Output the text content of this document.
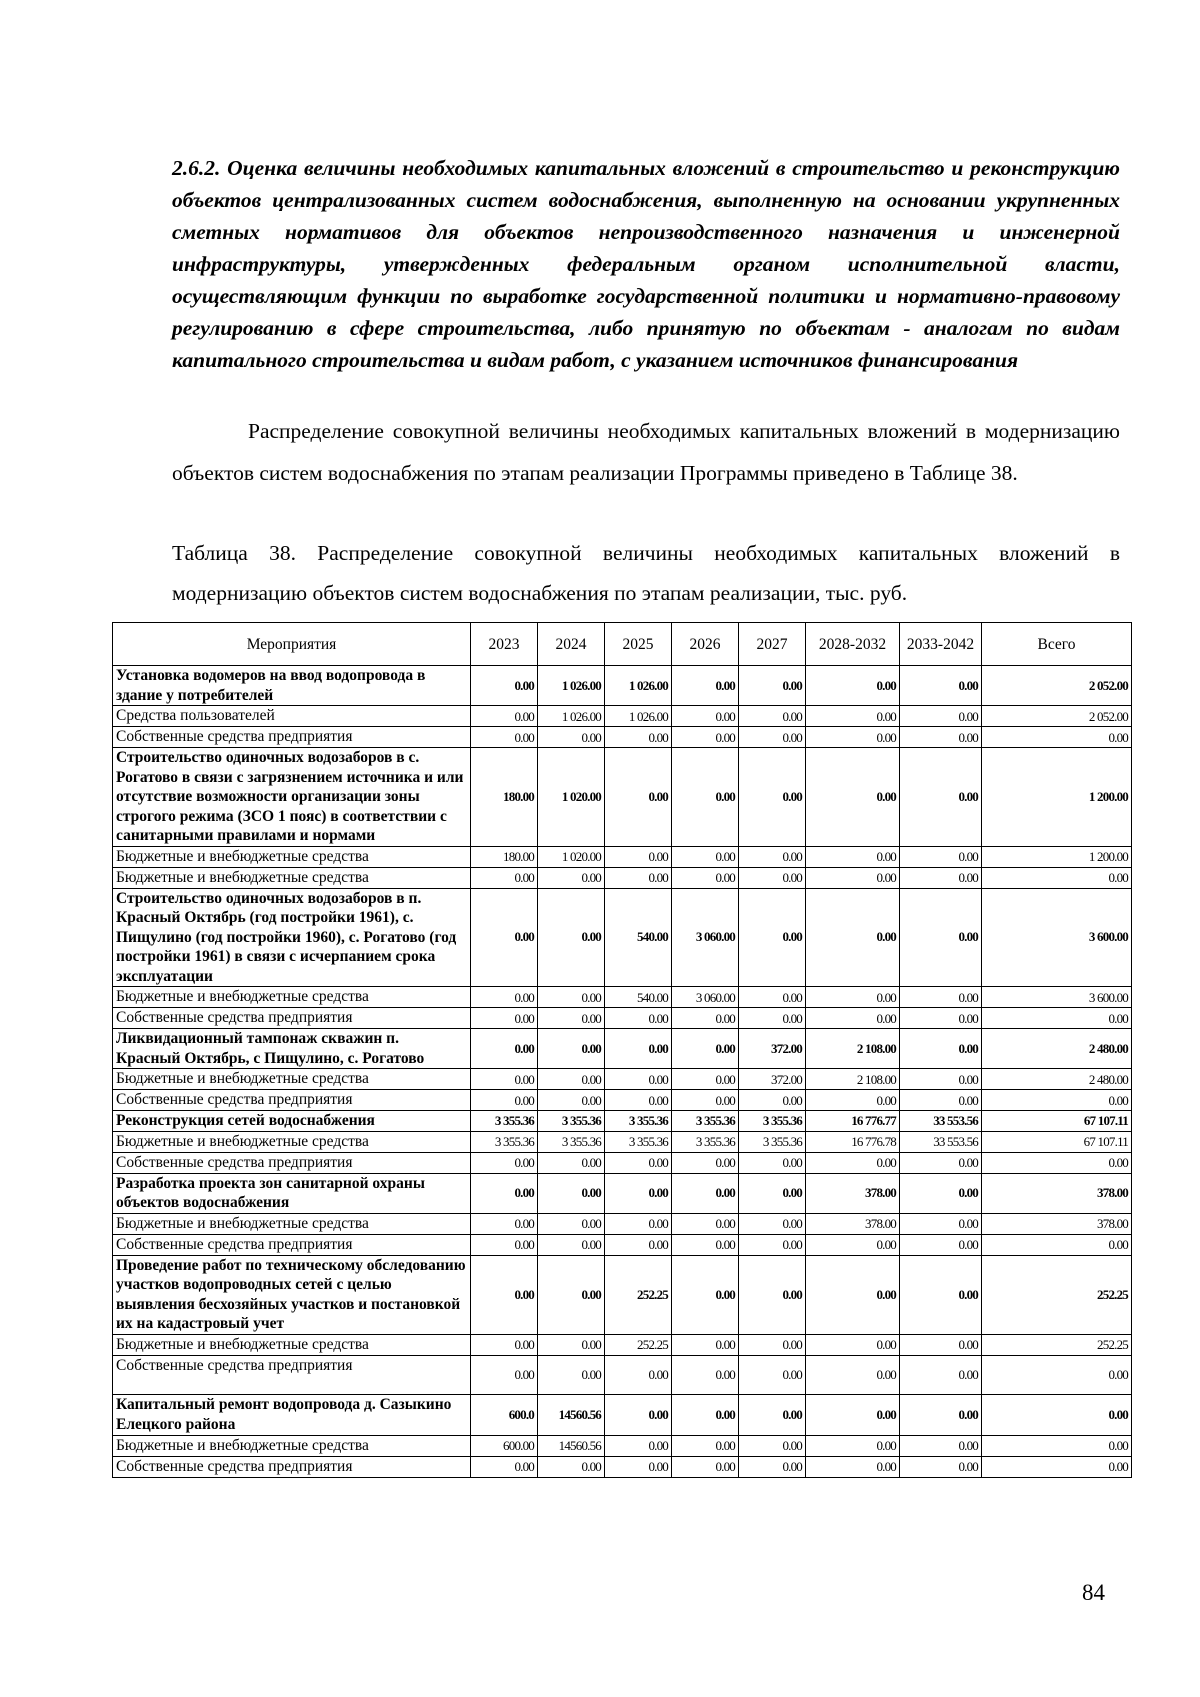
2.6.2. Оценка величины необходимых капитальных вложений в строительство и реконструкцию объектов централизованных систем водоснабжения, выполненную на основании укрупненных сметных нормативов для объектов непроизводственного назначения и инженерной инфраструктуры, утвержденных федеральным органом исполнительной власти, осуществляющим функции по выработке государственной политики и нормативно-правовому регулированию в сфере строительства, либо принятую по объектам - аналогам по видам капитального строительства и видам работ, с указанием источников финансирования

Распределение совокупной величины необходимых капитальных вложений в модернизацию объектов систем водоснабжения по этапам реализации Программы приведено в Таблице 38.

Таблица 38. Распределение совокупной величины необходимых капитальных вложений в модернизацию объектов систем водоснабжения по этапам реализации, тыс. руб.

Мероприятия	2023	2024	2025	2026	2027	2028-2032	2033-2042	Всего
Установка водомеров на ввод водопровода в здание у потребителей	0.00	1 026.00	1 026.00	0.00	0.00	0.00	0.00	2 052.00
Средства пользователей	0.00	1 026.00	1 026.00	0.00	0.00	0.00	0.00	2 052.00
Собственные средства предприятия	0.00	0.00	0.00	0.00	0.00	0.00	0.00	0.00
Строительство одиночных водозаборов в с. Рогатово в связи с загрязнением источника и или отсутствие возможности организации зоны строгого режима (ЗСО 1 пояс) в соответствии с санитарными правилами и нормами	180.00	1 020.00	0.00	0.00	0.00	0.00	0.00	1 200.00
Бюджетные и внебюджетные средства	180.00	1 020.00	0.00	0.00	0.00	0.00	0.00	1 200.00
Бюджетные и внебюджетные средства	0.00	0.00	0.00	0.00	0.00	0.00	0.00	0.00
Строительство одиночных водозаборов в п. Красный Октябрь (год постройки 1961), с. Пищулино (год постройки 1960), с. Рогатово (год постройки 1961) в связи с исчерпанием срока эксплуатации	0.00	0.00	540.00	3 060.00	0.00	0.00	0.00	3 600.00
Бюджетные и внебюджетные средства	0.00	0.00	540.00	3 060.00	0.00	0.00	0.00	3 600.00
Собственные средства предприятия	0.00	0.00	0.00	0.00	0.00	0.00	0.00	0.00
Ликвидационный тампонаж скважин п. Красный Октябрь, с Пищулино, с. Рогатово	0.00	0.00	0.00	0.00	372.00	2 108.00	0.00	2 480.00
Бюджетные и внебюджетные средства	0.00	0.00	0.00	0.00	372.00	2 108.00	0.00	2 480.00
Собственные средства предприятия	0.00	0.00	0.00	0.00	0.00	0.00	0.00	0.00
Реконструкция сетей водоснабжения	3 355.36	3 355.36	3 355.36	3 355.36	3 355.36	16 776.77	33 553.56	67 107.11
Бюджетные и внебюджетные средства	3 355.36	3 355.36	3 355.36	3 355.36	3 355.36	16 776.78	33 553.56	67 107.11
Собственные средства предприятия	0.00	0.00	0.00	0.00	0.00	0.00	0.00	0.00
Разработка проекта зон санитарной охраны объектов водоснабжения	0.00	0.00	0.00	0.00	0.00	378.00	0.00	378.00
Бюджетные и внебюджетные средства	0.00	0.00	0.00	0.00	0.00	378.00	0.00	378.00
Собственные средства предприятия	0.00	0.00	0.00	0.00	0.00	0.00	0.00	0.00
Проведение работ по техническому обследованию участков водопроводных сетей с целью выявления бесхозяйных участков и постановкой их на кадастровый учет	0.00	0.00	252.25	0.00	0.00	0.00	0.00	252.25
Бюджетные и внебюджетные средства	0.00	0.00	252.25	0.00	0.00	0.00	0.00	252.25
Собственные средства предприятия	0.00	0.00	0.00	0.00	0.00	0.00	0.00	0.00
Капитальный ремонт водопровода д. Сазыкино Елецкого района	600.0	14560.56	0.00	0.00	0.00	0.00	0.00	0.00
Бюджетные и внебюджетные средства	600.00	14560.56	0.00	0.00	0.00	0.00	0.00	0.00
Собственные средства предприятия	0.00	0.00	0.00	0.00	0.00	0.00	0.00	0.00
84
